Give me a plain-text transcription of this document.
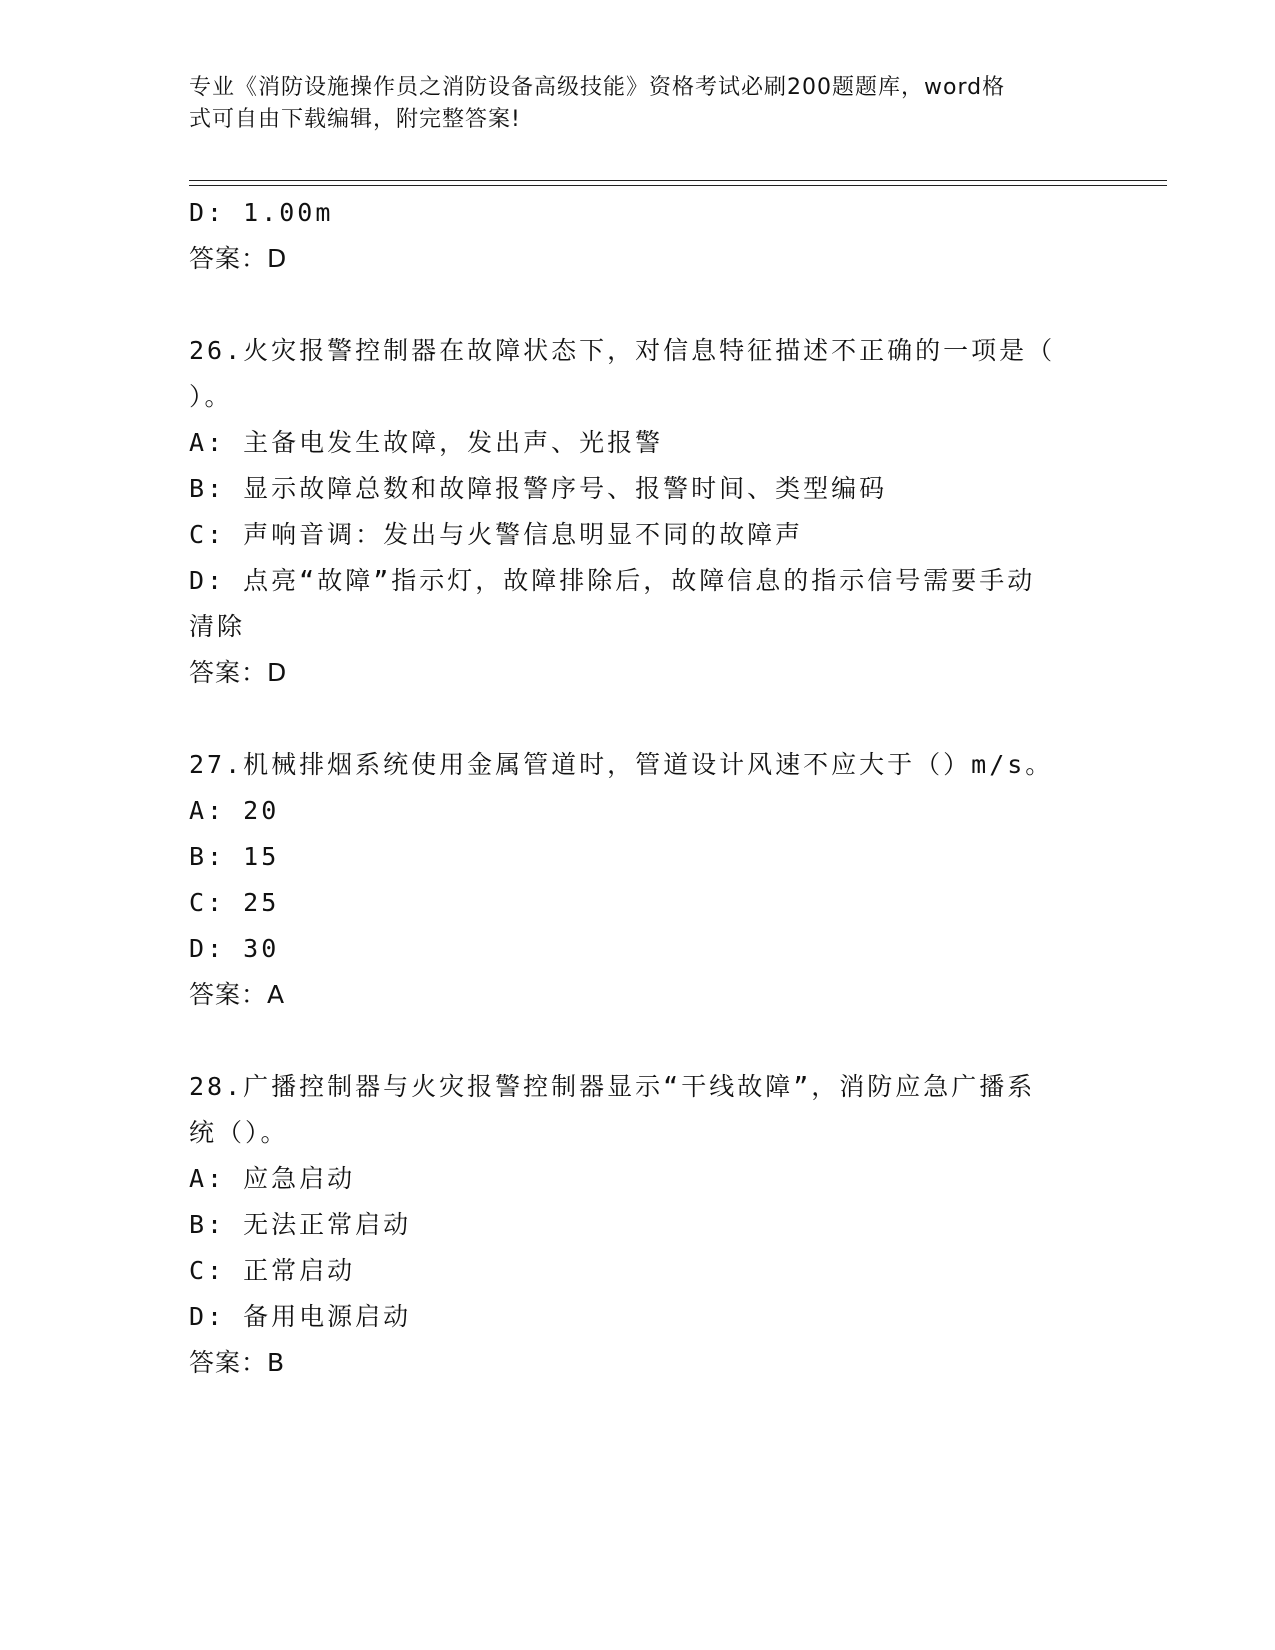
专业《消防设施操作员之消防设备高级技能》资格考试必刷200题题库，word格
式可自由下载编辑，附完整答案!
D: 1.00m
答案：D
26.火灾报警控制器在故障状态下，对信息特征描述不正确的一项是（
）。
A: 主备电发生故障，发出声、光报警
B: 显示故障总数和故障报警序号、报警时间、类型编码
C: 声响音调：发出与火警信息明显不同的故障声
D: 点亮“故障”指示灯，故障排除后，故障信息的指示信号需要手动
清除
答案：D
27.机械排烟系统使用金属管道时，管道设计风速不应大于（）m/s。
A: 20
B: 15
C: 25
D: 30
答案：A
28.广播控制器与火灾报警控制器显示“干线故障”，消防应急广播系
统（）。
A: 应急启动
B: 无法正常启动
C: 正常启动
D: 备用电源启动
答案：B
